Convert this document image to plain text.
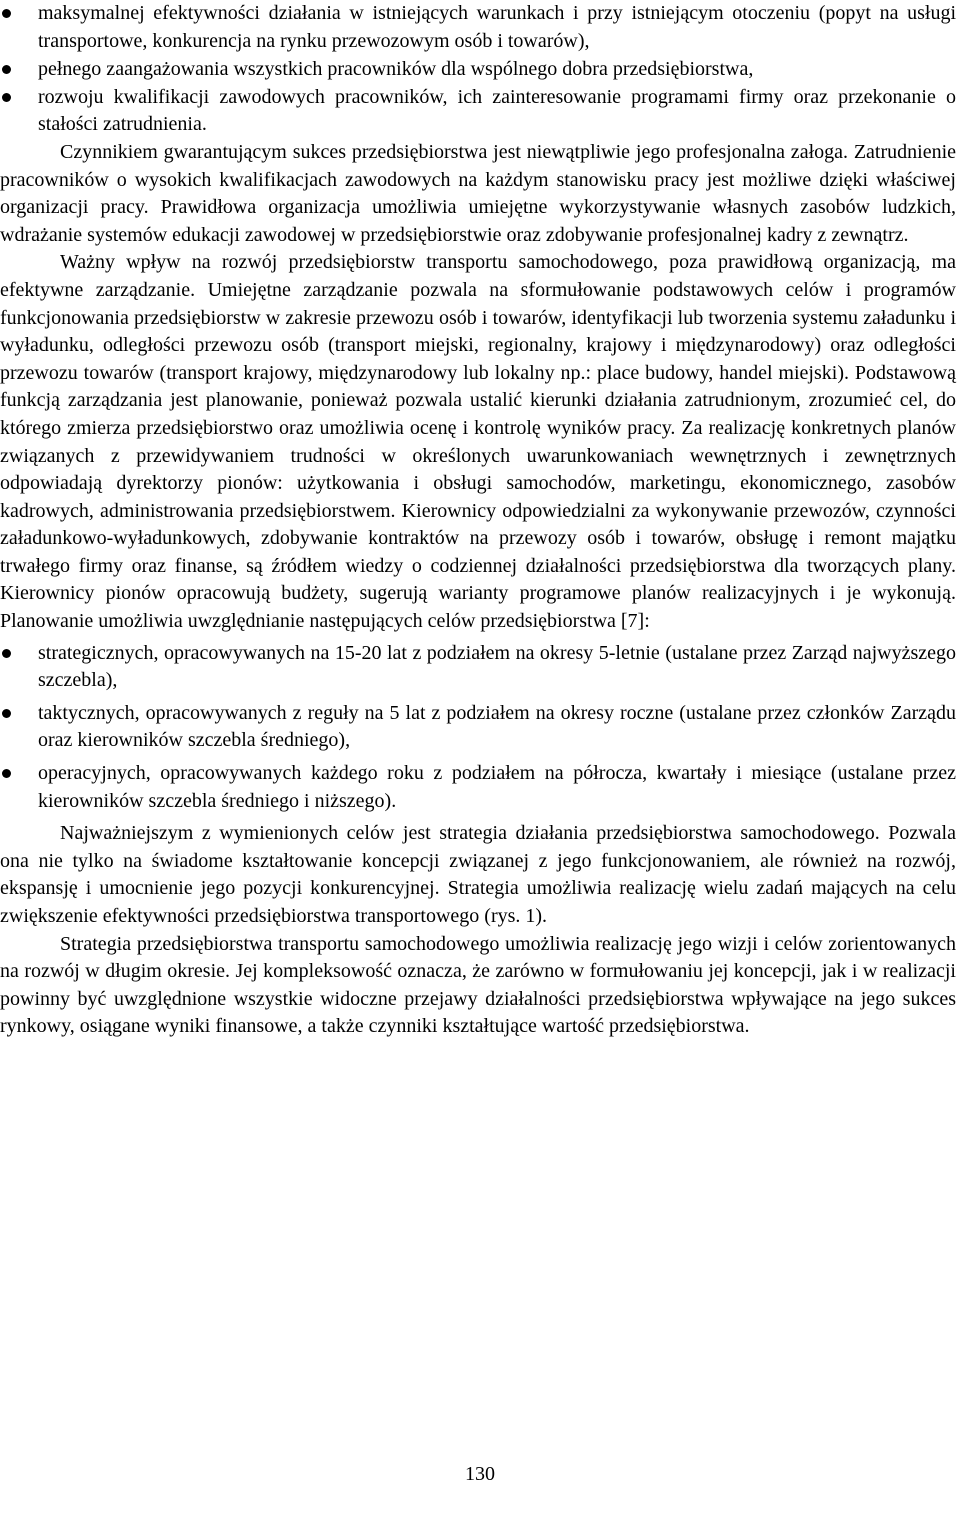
maksymalnej efektywności działania w istniejących warunkach i przy istniejącym otoczeniu (popyt na usługi transportowe, konkurencja na rynku przewozowym osób i towarów),
pełnego zaangażowania wszystkich pracowników dla wspólnego dobra przedsiębiorstwa,
rozwoju kwalifikacji zawodowych pracowników, ich zainteresowanie programami firmy oraz przekonanie o stałości zatrudnienia.

Czynnikiem gwarantującym sukces przedsiębiorstwa jest niewątpliwie jego profesjonalna załoga. Zatrudnienie pracowników o wysokich kwalifikacjach zawodowych na każdym stanowisku pracy jest możliwe dzięki właściwej organizacji pracy. Prawidłowa organizacja umożliwia umiejętne wykorzystywanie własnych zasobów ludzkich, wdrażanie systemów edukacji zawodowej w przedsiębiorstwie oraz zdobywanie profesjonalnej kadry z zewnątrz.

Ważny wpływ na rozwój przedsiębiorstw transportu samochodowego, poza prawidłową organizacją, ma efektywne zarządzanie. Umiejętne zarządzanie pozwala na sformułowanie podstawowych celów i programów funkcjonowania przedsiębiorstw w zakresie przewozu osób i towarów, identyfikacji lub tworzenia systemu załadunku i wyładunku, odległości przewozu osób (transport miejski, regionalny, krajowy i międzynarodowy) oraz odległości przewozu towarów (transport krajowy, międzynarodowy lub lokalny np.: place budowy, handel miejski). Podstawową funkcją zarządzania jest planowanie, ponieważ pozwala ustalić kierunki działania zatrudnionym, zrozumieć cel, do którego zmierza przedsiębiorstwo oraz umożliwia ocenę i kontrolę wyników pracy. Za realizację konkretnych planów związanych z przewidywaniem trudności w określonych uwarunkowaniach wewnętrznych i zewnętrznych odpowiadają dyrektorzy pionów: użytkowania i obsługi samochodów, marketingu, ekonomicznego, zasobów kadrowych, administrowania przedsiębiorstwem. Kierownicy odpowiedzialni za wykonywanie przewozów, czynności załadunkowo-wyładunkowych, zdobywanie kontraktów na przewozy osób i towarów, obsługę i remont majątku trwałego firmy oraz finanse, są źródłem wiedzy o codziennej działalności przedsiębiorstwa dla tworzących plany. Kierownicy pionów opracowują budżety, sugerują warianty programowe planów realizacyjnych i je wykonują. Planowanie umożliwia uwzględnianie następujących celów przedsiębiorstwa [7]:

strategicznych, opracowywanych na 15-20 lat z podziałem na okresy 5-letnie (ustalane przez Zarząd najwyższego szczebla),
taktycznych, opracowywanych z reguły na 5 lat z podziałem na okresy roczne (ustalane przez członków Zarządu oraz kierowników szczebla średniego),
operacyjnych, opracowywanych każdego roku z podziałem na półrocza, kwartały i miesiące (ustalane przez kierowników szczebla średniego i niższego).

Najważniejszym z wymienionych celów jest strategia działania przedsiębiorstwa samochodowego. Pozwala ona nie tylko na świadome kształtowanie koncepcji związanej z jego funkcjonowaniem, ale również na rozwój, ekspansję i umocnienie jego pozycji konkurencyjnej. Strategia umożliwia realizację wielu zadań mających na celu zwiększenie efektywności przedsiębiorstwa transportowego (rys. 1).

Strategia przedsiębiorstwa transportu samochodowego umożliwia realizację jego wizji i celów zorientowanych na rozwój w długim okresie. Jej kompleksowość oznacza, że zarówno w formułowaniu jej koncepcji, jak i w realizacji powinny być uwzględnione wszystkie widoczne przejawy działalności przedsiębiorstwa wpływające na jego sukces rynkowy, osiągane wyniki finansowe, a także czynniki kształtujące wartość przedsiębiorstwa.

130
